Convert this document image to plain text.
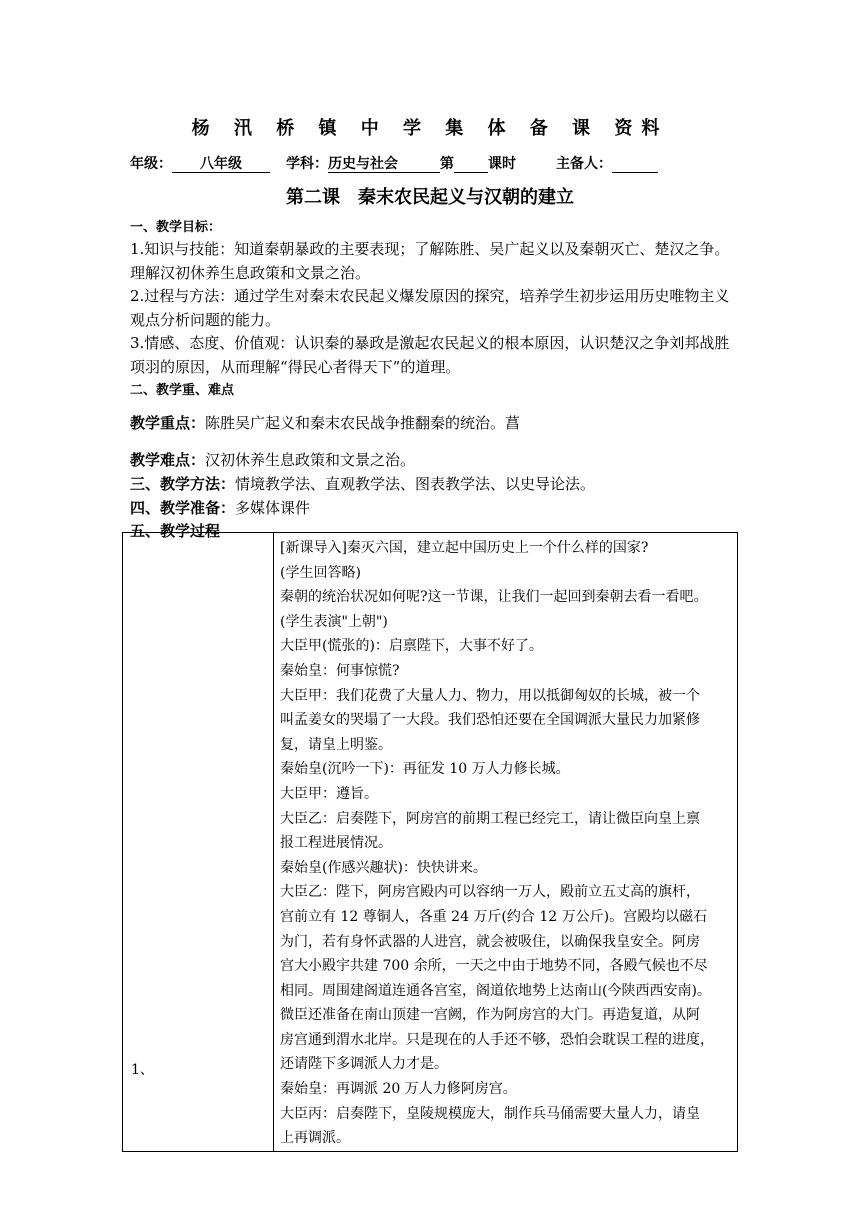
杨 汛 桥 镇 中 学 集 体 备 课 资料
年级： 八年级	学科：历史与社会	第 课时	主备人：
第二课 秦末农民起义与汉朝的建立
一、教学目标：
1.知识与技能：知道秦朝暴政的主要表现；了解陈胜、吴广起义以及秦朝灭亡、楚汉之争。理解汉初休养生息政策和文景之治。
2.过程与方法：通过学生对秦末农民起义爆发原因的探究，培养学生初步运用历史唯物主义观点分析问题的能力。
3.情感、态度、价值观：认识秦的暴政是激起农民起义的根本原因，认识楚汉之争刘邦战胜项羽的原因，从而理解“得民心者得天下”的道理。
二、教学重、难点
教学重点：陈胜吴广起义和秦末农民战争推翻秦的统治。菖
教学难点：汉初休养生息政策和文景之治。
三、教学方法：情境教学法、直观教学法、图表教学法、以史导论法。
四、教学准备：多媒体课件
五、教学过程
1、

[新课导入]秦灭六国，建立起中国历史上一个什么样的国家?
(学生回答略)
秦朝的统治状况如何呢?这一节课，让我们一起回到秦朝去看一看吧。
(学生表演"上朝")
大臣甲(慌张的)：启禀陛下，大事不好了。
秦始皇：何事惊慌?
大臣甲：我们花费了大量人力、物力，用以抵御匈奴的长城，被一个
叫孟姜女的哭塌了一大段。我们恐怕还要在全国调派大量民力加紧修
复，请皇上明鉴。
秦始皇(沉吟一下)：再征发 10 万人力修长城。
大臣甲：遵旨。
大臣乙：启奏陛下，阿房宫的前期工程已经完工，请让微臣向皇上禀
报工程进展情况。
秦始皇(作感兴趣状)：快快讲来。
大臣乙：陛下，阿房宫殿内可以容纳一万人，殿前立五丈高的旗杆，
宫前立有 12 尊铜人，各重 24 万斤(约合 12 万公斤)。宫殿均以磁石
为门，若有身怀武器的人进宫，就会被吸住，以确保我皇安全。阿房
宫大小殿宇共建 700 余所，一天之中由于地势不同，各殿气候也不尽
相同。周围建阁道连通各宫室，阁道依地势上达南山(今陕西西安南)。
微臣还准备在南山顶建一宫阙，作为阿房宫的大门。再造复道，从阿
房宫通到渭水北岸。只是现在的人手还不够，恐怕会耽误工程的进度，
还请陛下多调派人力才是。
秦始皇：再调派 20 万人力修阿房宫。
大臣丙：启奏陛下，皇陵规模庞大，制作兵马俑需要大量人力，请皇
上再调派。
